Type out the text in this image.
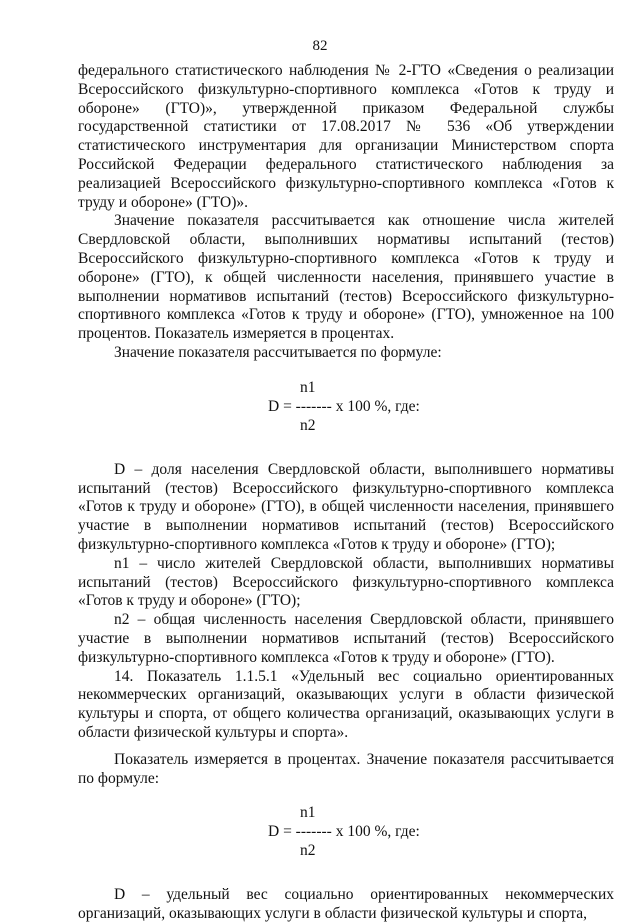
82

федерального статистического наблюдения № 2-ГТО «Сведения о реализации Всероссийского физкультурно-спортивного комплекса «Готов к труду и обороне» (ГТО)», утвержденной приказом Федеральной службы государственной статистики от 17.08.2017 № 536 «Об утверждении статистического инструментария для организации Министерством спорта Российской Федерации федерального статистического наблюдения за реализацией Всероссийского физкультурно-спортивного комплекса «Готов к труду и обороне» (ГТО)».

Значение показателя рассчитывается как отношение числа жителей Свердловской области, выполнивших нормативы испытаний (тестов) Всероссийского физкультурно-спортивного комплекса «Готов к труду и обороне» (ГТО), к общей численности населения, принявшего участие в выполнении нормативов испытаний (тестов) Всероссийского физкультурно-спортивного комплекса «Готов к труду и обороне» (ГТО), умноженное на 100 процентов. Показатель измеряется в процентах.

Значение показателя рассчитывается по формуле:

n1
D = ------- x 100 %, где:
n2

D – доля населения Свердловской области, выполнившего нормативы испытаний (тестов) Всероссийского физкультурно-спортивного комплекса «Готов к труду и обороне» (ГТО), в общей численности населения, принявшего участие в выполнении нормативов испытаний (тестов) Всероссийского физкультурно-спортивного комплекса «Готов к труду и обороне» (ГТО);

n1 – число жителей Свердловской области, выполнивших нормативы испытаний (тестов) Всероссийского физкультурно-спортивного комплекса «Готов к труду и обороне» (ГТО);

n2 – общая численность населения Свердловской области, принявшего участие в выполнении нормативов испытаний (тестов) Всероссийского физкультурно-спортивного комплекса «Готов к труду и обороне» (ГТО).

14. Показатель 1.1.5.1 «Удельный вес социально ориентированных некоммерческих организаций, оказывающих услуги в области физической культуры и спорта, от общего количества организаций, оказывающих услуги в области физической культуры и спорта».

Показатель измеряется в процентах. Значение показателя рассчитывается по формуле:

n1
D = ------- x 100 %, где:
n2

D – удельный вес социально ориентированных некоммерческих организаций, оказывающих услуги в области физической культуры и спорта,
